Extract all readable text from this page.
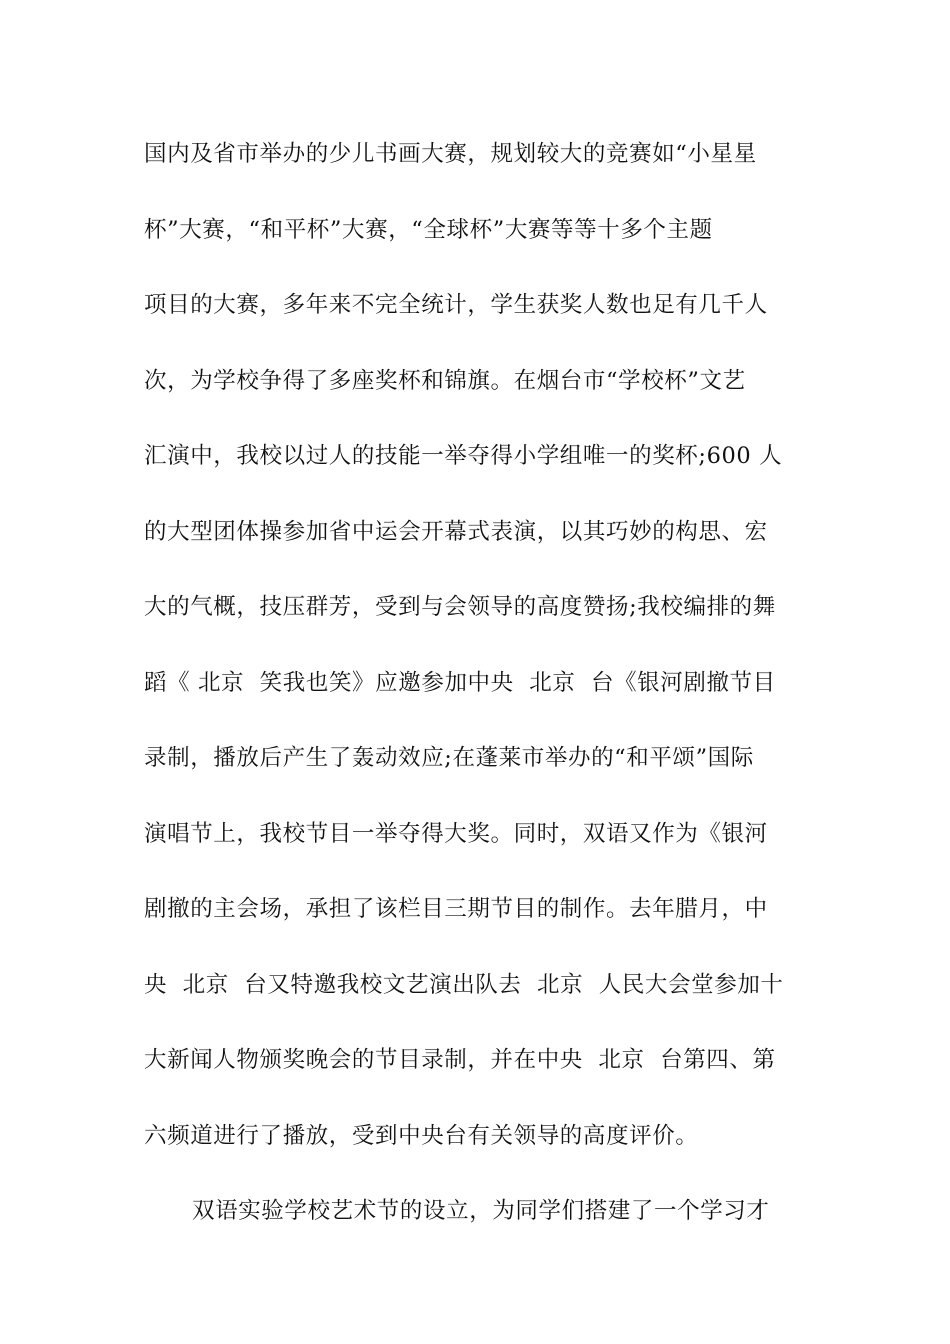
国内及省市举办的少儿书画大赛，规划较大的竞赛如“小星星
杯”大赛，“和平杯”大赛，“全球杯”大赛等等十多个主题
项目的大赛，多年来不完全统计，学生获奖人数也足有几千人
次，为学校争得了多座奖杯和锦旗。在烟台市“学校杯”文艺
汇演中，我校以过人的技能一举夺得小学组唯一的奖杯;600 人
的大型团体操参加省中运会开幕式表演，以其巧妙的构思、宏
大的气概，技压群芳，受到与会领导的高度赞扬;我校编排的舞
蹈《 北京  笑我也笑》应邀参加中央  北京  台《银河剧撤节目
录制，播放后产生了轰动效应;在蓬莱市举办的“和平颂”国际
演唱节上，我校节目一举夺得大奖。同时，双语又作为《银河
剧撤的主会场，承担了该栏目三期节目的制作。去年腊月，中
央  北京  台又特邀我校文艺演出队去  北京  人民大会堂参加十
大新闻人物颁奖晚会的节目录制，并在中央  北京  台第四、第
六频道进行了播放，受到中央台有关领导的高度评价。
双语实验学校艺术节的设立，为同学们搭建了一个学习才
